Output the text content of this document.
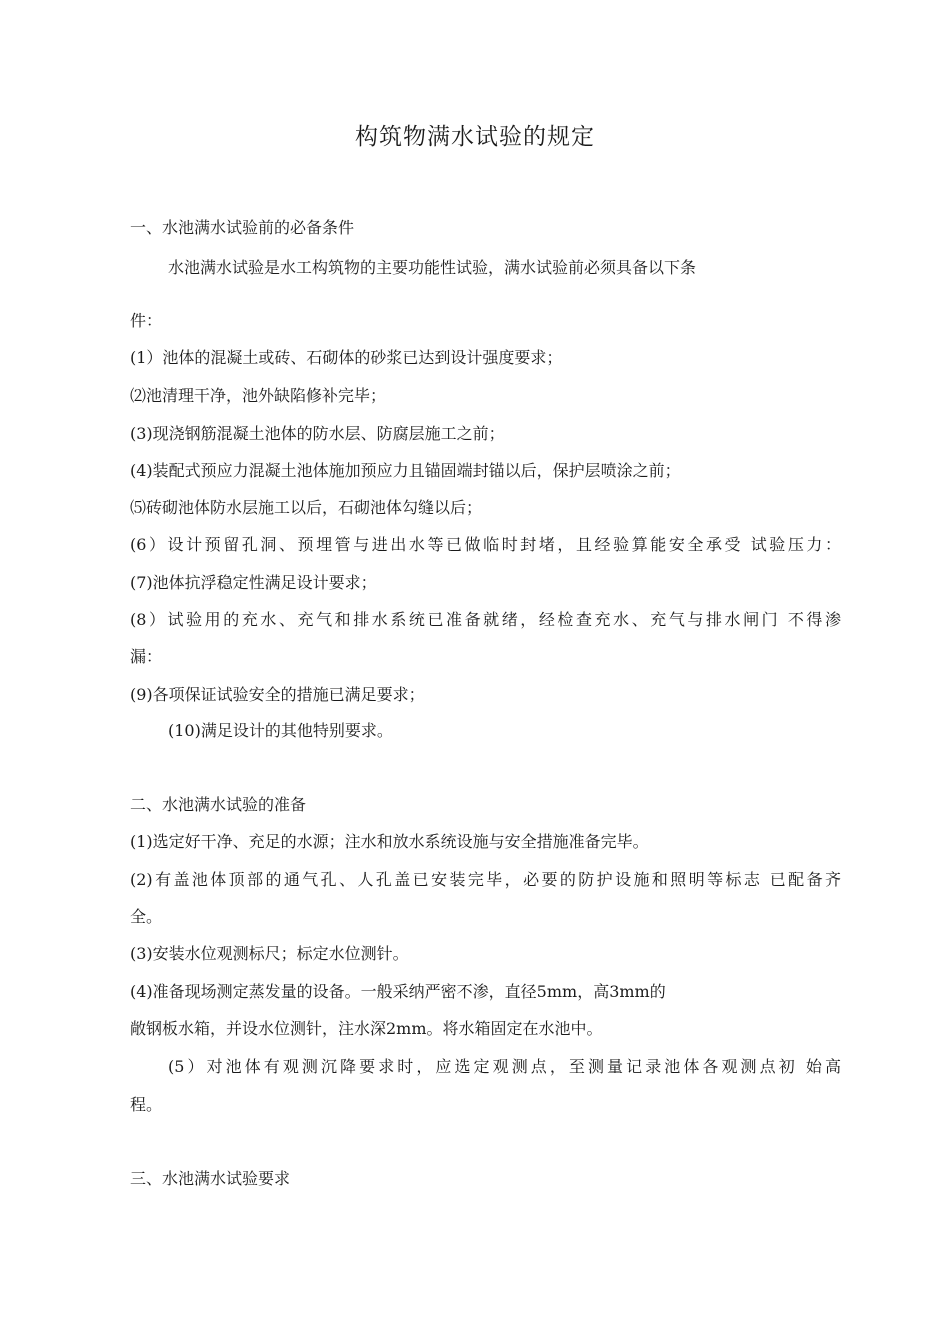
构筑物满水试验的规定
一、水池满水试验前的必备条件
水池满水试验是水工构筑物的主要功能性试验，满水试验前必须具备以下条
件：
(1）池体的混凝土或砖、石砌体的砂浆已达到设计强度要求；
⑵池清理干净，池外缺陷修补完毕；
(3)现浇钢筋混凝土池体的防水层、防腐层施工之前；
(4)装配式预应力混凝土池体施加预应力且锚固端封锚以后，保护层喷涂之前；
⑸砖砌池体防水层施工以后，石砌池体勾缝以后；
(6）设计预留孔洞、预埋管与进出水等已做临时封堵，且经验算能安全承受 试验压力：
(7)池体抗浮稳定性满足设计要求；
(8）试验用的充水、充气和排水系统已准备就绪，经检查充水、充气与排水闸门 不得渗
漏：
(9)各项保证试验安全的措施已满足要求；
(10)满足设计的其他特别要求。
二、水池满水试验的准备
(1)选定好干净、充足的水源；注水和放水系统设施与安全措施准备完毕。
(2)有盖池体顶部的通气孔、人孔盖已安装完毕，必要的防护设施和照明等标志 已配备齐
全。
(3)安装水位观测标尺；标定水位测针。
(4)准备现场测定蒸发量的设备。一般采纳严密不渗，直径5mm，高3mm的
敞钢板水箱，并设水位测针，注水深2mm。将水箱固定在水池中。
(5）对池体有观测沉降要求时，应选定观测点，至测量记录池体各观测点初 始高
程。
三、水池满水试验要求
